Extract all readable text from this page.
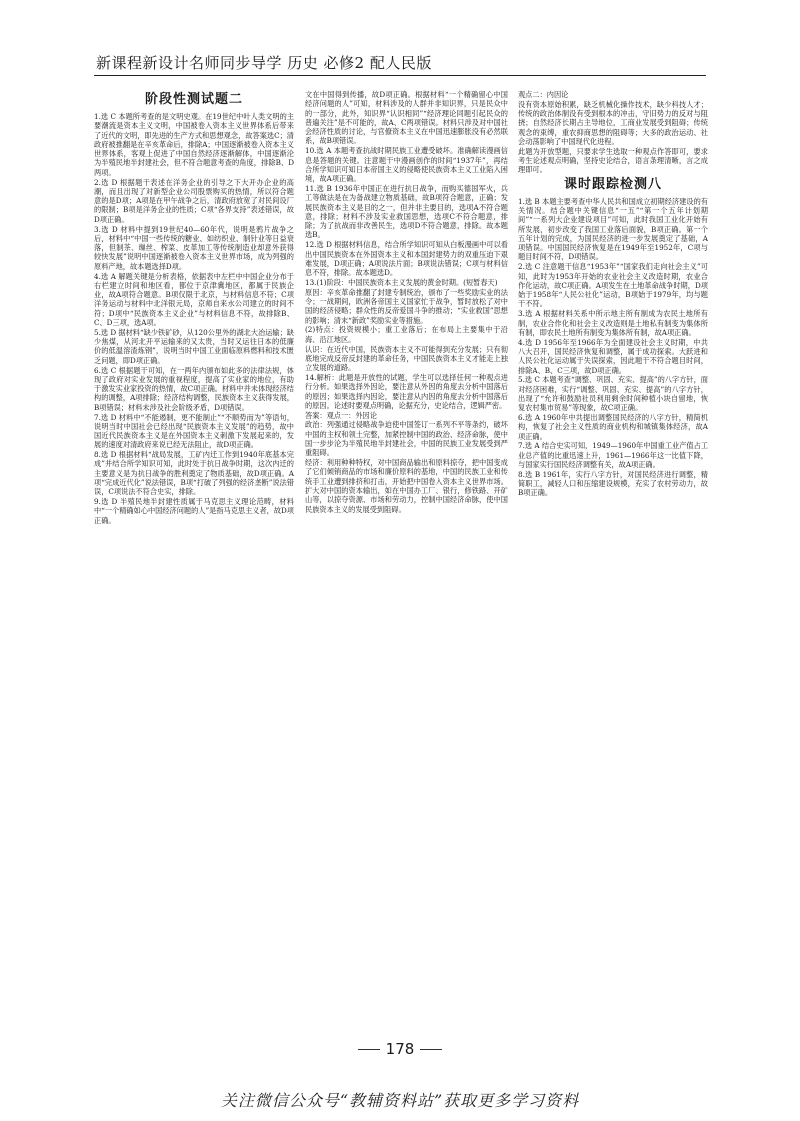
新课程新设计名师同步导学 历史 必修2 配人民版
阶段性测试题二

1.选 C 本题所考查的是文明史观。在19世纪中叶人类文明的主要潮流是资本主义文明，中国被卷入资本主义世界体系后带来了近代的文明，即先进的生产方式和思想观念，故答案选C；清政府被推翻是在辛亥革命后，排除A；中国逐渐被卷入资本主义世界体系，客观上促进了中国自然经济逐渐解体，中国逐渐沦为半殖民地半封建社会，但不符合题意考查的角度，排除B、D两项。

2.选 D 根据题干表述在洋务企业的引导之下大开办企业的高潮，而且出现了对新型企业公司股票购买的热情，所以符合题意的是D项；A项是在甲午战争之后，清政府放宽了对民间设厂的限制；B项是洋务企业的性质；C项“各界支持”表述错误，故D项正确。

3.选 D 材料中提到19世纪40—60年代，说明是鸦片战争之后，材料中“中国一些传统的糖业、如纺织业、制针业等日益衰落，但制茶、缫丝、榨菜、皮革加工等传统制造业却意外获得较快发展”说明中国逐渐被卷入资本主义世界市场，成为列强的原料产地，故本题选择D项。

4.选 A 解题关键是分析表格，依据表中左栏中中国企业分布于右栏建立时间和地区看，都位于京津冀地区，都属于民族企业，故A项符合题意。B项仅限于北京，与材料信息不符；C项洋务运动与材料中北洋银元局，京师自来水公司建立的时间不符；D项中“民族资本主义企业”与材料信息不符，故排除B、C、D三项，选A项。

5.选 D 据材料“缺少铁矿砂，从120公里外的湖北大冶运输；缺少焦煤，从河北开平运输来的又太贵，当时又运往日本的低廉价的低温溶渣炼钢”，说明当时中国工业面临原料燃料和技术匮乏问题，即D项正确。

6.选 C 根据题干可知，在一两年内颁布如此多的法律法规，体现了政府对实业发展的重视程度，提高了实业家的地位，有助于激发实业家投资的热情，故C项正确。材料中并未体现经济结构的调整，A项排除；经济结构调整，民族资本主义获得发展，B项错误；材料未涉及社会阶级矛盾，D项错误。

7.选 D 材料中“不能遏制，更不能制止”“不顺势而为”等语句，说明当时中国社会已经出现“民族资本主义发展”的趋势，故中国近代民族资本主义是在外国资本主义刺激下发展起来的，发展的速度对清政府来说已经无法阻止，故D项正确。

8.选 D 根据材料“战局发展，工矿内迁工作到1940年底基本完成”并结合所学知识可知，此时处于抗日战争时期，这次内迁的主要意义是为抗日战争的胜利奠定了物质基础，故D项正确。A项“完成近代化”说法错误，B项“打破了列强的经济垄断”说法错误，C项说法不符合史实，排除。

9.选 D 半殖民地半封建性质属于马克思主义理论范畴，材料中“一个精确如心中国经济问题的人”是指马克思主义者，故D项正确。

文在中国得到传播，故D项正确。根据材料“一个精确留心中国经济问题的人”可知，材料涉及的人群并非知识界，只是民众中的一部分，此外，知识界“认识相同”“经济理论同题引起民众的普遍关注”是不可能的，故A、C两项错误。材料只涉及对中国社会经济性质的讨论，与官僚资本主义在中国迅速膨胀没有必然联系，故B项错误。

10.选 A 本题考查抗战时期民族工业遭受破坏。准确解读漫画信息是答题的关键。注意题干中漫画创作的时间“1937年”，再结合所学知识可知日本帝国主义的侵略使民族资本主义工业陷入困境，故A项正确。

11.选 B 1936年中国正在进行抗日战争，而购买德国军火，兵工等做法是在为备战建立物质基础，故B项符合题意，正确；发展民族资本主义是目的之一，但并非主要目的，选项A不符合题意，排除；材料不涉及实业救国思想，选项C不符合题意，排除；为了抗战而非改善民生，选项D不符合题意，排除。故本题选B。

12.选 D 根据材料信息，结合所学知识可知从白板漫画中可以看出中国民族资本在外国资本主义和本国封建势力的双重压迫下艰难发展，D项正确；A项说法片面；B项说法错误；C项与材料信息不符，排除。故本题选D。

13.(1)阶段：中国民族资本主义发展的黄金时期。(短暂春天)

原因：辛亥革命推翻了封建专制统治，颁布了一些奖励实业的法令；一战期间，欧洲各帝国主义国家忙于战争，暂时放松了对中国的经济侵略；群众性的反帝爱国斗争的推动；“实业救国”思想的影响；清末“新政”奖励实业等措施。

(2)特点：投资规模小；重工业落后；在布局上主要集中于沿海、沿江地区。

认识：在近代中国，民族资本主义不可能得到充分发展；只有彻底地完成反帝反封建的革命任务，中国民族资本主义才能走上独立发展的道路。

14.解析：此题是开放性的试题，学生可以选择任何一种观点进行分析。如果选择外因论，要注意从外因的角度去分析中国落后的原因；如果选择内因论，要注意从内因的角度去分析中国落后的原因。论述时要观点明确，论据充分，史论结合，逻辑严密。

答案：观点一：外因论

政治：列强通过侵略战争迫使中国签订一系列不平等条约，破坏中国的主权和领土完整，加紧控制中国的政治、经济命脉，使中国一步步沦为半殖民地半封建社会，中国的民族工业发展受到严重阻碍。

经济：利用种种特权，对中国商品输出和原料掠夺，把中国变成了它们倾销商品的市场和廉价原料的基地，中国的民族工业和传统手工业遭到排挤和打击，开始把中国卷入资本主义世界市场。扩大对中国的资本输出，如在中国办工厂、银行，修铁路、开矿山等，以掠夺资源、市场和劳动力，控制中国经济命脉，使中国民族资本主义的发展受到阻碍。

观点二：内因论

没有资本原始积累，缺乏机械化操作技术，缺少科技人才；传统的政治体制没有受到根本的冲击，守旧势力的反对与阻挠；自然经济长期占主导地位，工商业发展受到阻碍；传统观念的束缚，重农抑商思想的阻碍等；大多的政治运动、社会动荡影响了中国现代化进程。

此题为开放型题，只要求学生选取一种观点作答即可，要求考生论述观点明确，坚持史论结合，语言条理清晰，言之成理即可。

课时跟踪检测八

1.选 B 本题主要考查中华人民共和国成立初期经济建设的有关情况。结合题中关键信息“一五”“第一个五年计划期间”“一系列大企业建设项目”可知，此时我国工业化开始有所发展，初步改变了我国工业落后面貌，B项正确。第一个五年计划的完成，为国民经济的进一步发展奠定了基础，A项错误。中国国民经济恢复是在1949年至1952年，C项与题目时间不符，D项错误。

2.选 C 注意题干信息“1953年”“国家我们走向社会主义”可知，此时为1953年开始的农业社会主义改造时期，农业合作化运动，故C项正确。A项发生在土地革命战争时期，D项始于1958年“人民公社化”运动，B项始于1979年，均与题干不符。

3.选 A 根据材料关系中所示地主所有制成为农民土地所有制，农业合作化和社会主义改造则是土地私有制变为集体所有制，即农民土地所有制变为集体所有制，故A项正确。

4.选 D 1956年至1966年为全面建设社会主义时期，中共八大召开，国民经济恢复和调整，属于成功探索。大跃进和人民公社化运动属于失误探索，因此题干不符合题目时间，排除A、B、C三项，故D项正确。

5.选 C 本题考查“调整、巩固、充实、提高”的八字方针，面对经济困难，实行“调整、巩固、充实、提高”的八字方针，出现了“允许和鼓励社员利用剩余时间种植小块自留地，恢复农村集市贸易”等现象，故C项正确。

6.选 A 1960年中共提出调整国民经济的八字方针，精简机构，恢复了社会主义性质的商业机构和城镇集体经济，故A项正确。

7.选 A 结合史实可知，1949—1960年中国重工业产值占工业总产值的比重迅速上升，1961—1966年这一比值下降，与国家实行国民经济调整有关，故A项正确。

8.选 B 1961年，实行八字方针，对国民经济进行调整，精简职工，减轻人口和压缩建设规模，充实了农村劳动力，故B项正确。

178
关注微信公众号“教辅资料站”获取更多学习资料
